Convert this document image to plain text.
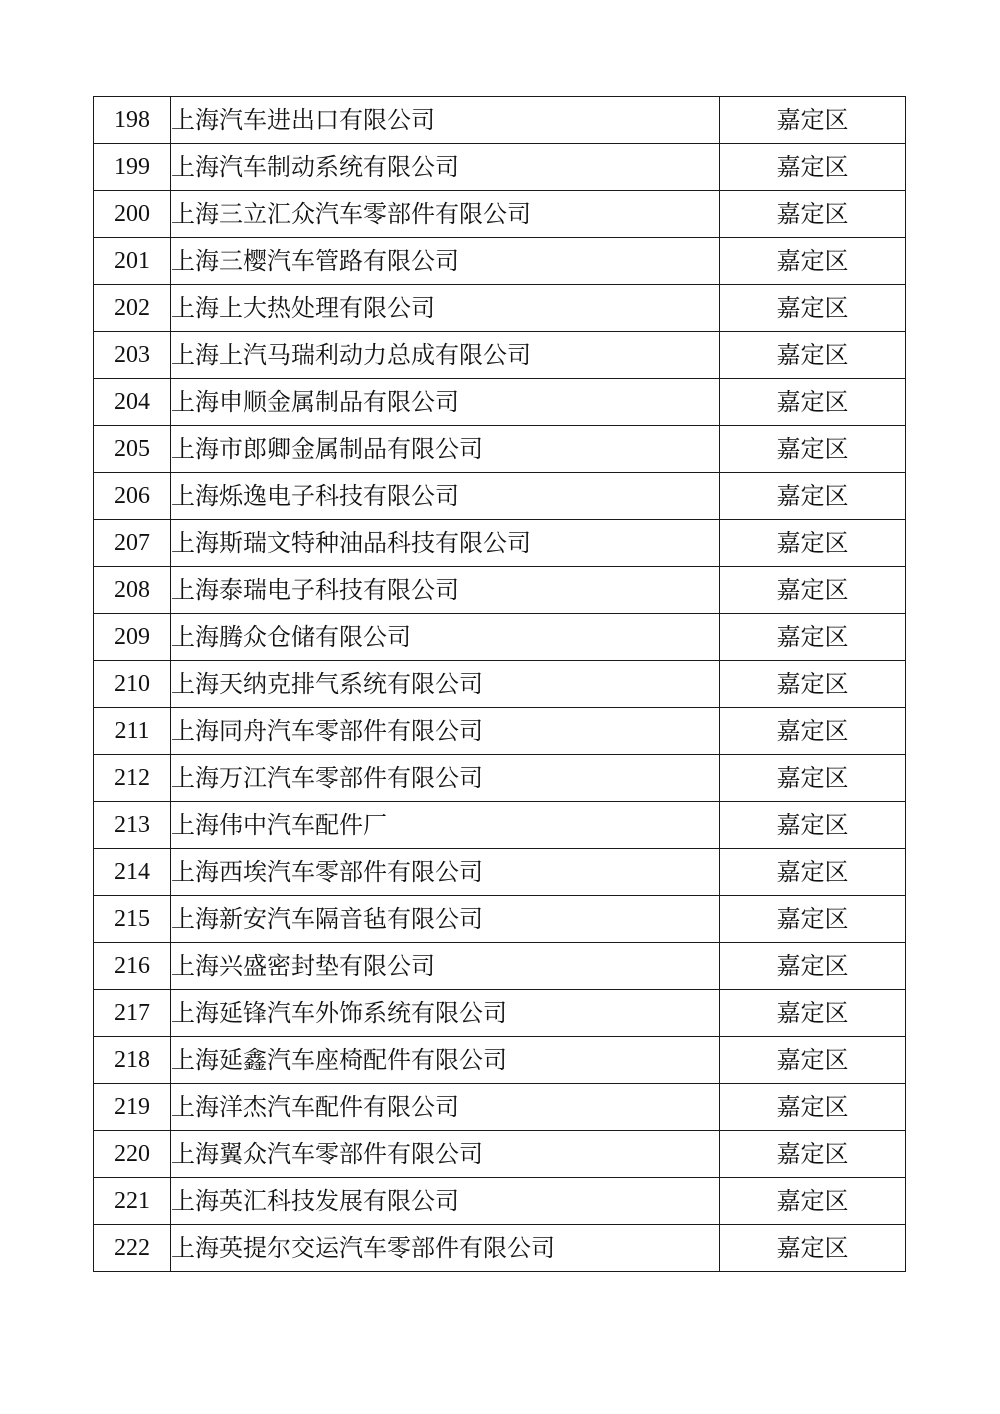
198	上海汽车进出口有限公司	嘉定区
199	上海汽车制动系统有限公司	嘉定区
200	上海三立汇众汽车零部件有限公司	嘉定区
201	上海三樱汽车管路有限公司	嘉定区
202	上海上大热处理有限公司	嘉定区
203	上海上汽马瑞利动力总成有限公司	嘉定区
204	上海申顺金属制品有限公司	嘉定区
205	上海市郎卿金属制品有限公司	嘉定区
206	上海烁逸电子科技有限公司	嘉定区
207	上海斯瑞文特种油品科技有限公司	嘉定区
208	上海泰瑞电子科技有限公司	嘉定区
209	上海腾众仓储有限公司	嘉定区
210	上海天纳克排气系统有限公司	嘉定区
211	上海同舟汽车零部件有限公司	嘉定区
212	上海万江汽车零部件有限公司	嘉定区
213	上海伟中汽车配件厂	嘉定区
214	上海西埃汽车零部件有限公司	嘉定区
215	上海新安汽车隔音毡有限公司	嘉定区
216	上海兴盛密封垫有限公司	嘉定区
217	上海延锋汽车外饰系统有限公司	嘉定区
218	上海延鑫汽车座椅配件有限公司	嘉定区
219	上海洋杰汽车配件有限公司	嘉定区
220	上海翼众汽车零部件有限公司	嘉定区
221	上海英汇科技发展有限公司	嘉定区
222	上海英提尔交运汽车零部件有限公司	嘉定区
